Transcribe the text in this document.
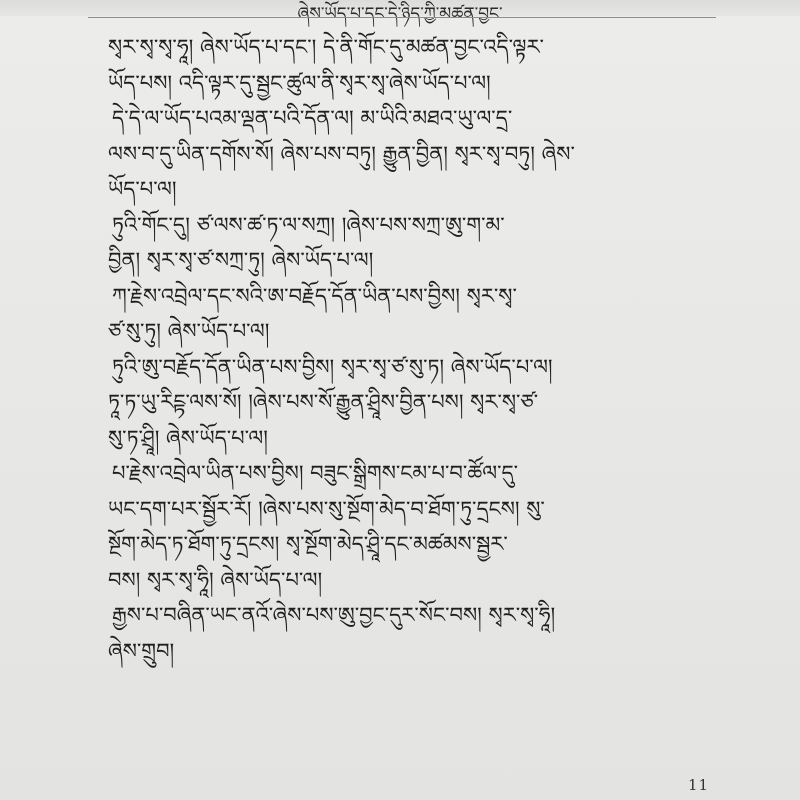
ཞེས་ཡོད་པ་དང་དེ་ཉིད་ཀྱི་མཚན་བྱང་
སྭར་སྭ་སྭ་ཧཱ། ཞེས་ཡོད་པ་དང་། དེ་ནི་གོང་དུ་མཚན་བྱང་འདི་ལྟར་
ཡོད་པས། འདི་ལྟར་དུ་སྦྱང་ཚུལ་ནི་སྭར་སྭ་ཞེས་ཡོད་པ་ལ།
དེ་དེ་ལ་ཡོད་པའམ་ལྡན་པའི་དོན་ལ། མ་ཡིའི་མཐའ་ཡུ་ལ་དྲ་
ལས་བ་དུ་ཡིན་དགོས་སོ། ཞེས་པས་བཏུ། རྒྱུན་བྱིན། སྭར་སྭ་བཏུ། ཞེས་
ཡོད་པ་ལ།
ཏུའི་གོང་དུ། ཙ་ལས་ཚ་ཏ་ལ་སཀྲ། །ཞེས་པས་སཀྲ་ཨུ་ག་མ་
བྱིན། སྭར་སྭ་ཙ་སཀྲ་ཏུ། ཞེས་ཡོད་པ་ལ།
ཀ་རྗེས་འབྲེལ་དང་སའི་ཨ་བརྗོད་དོན་ཡིན་པས་བྱིས། སྭར་སྭ་
ཙ་སུ་ཏུ། ཞེས་ཡོད་པ་ལ།
ཏུའི་ཨུ་བརྗོད་དོན་ཡིན་པས་བྱིས། སྭར་སྭ་ཙ་སུ་ཏ། ཞེས་ཡོད་པ་ལ།
ཏཱ་ཏ་ཡུ་རིངྟ་ལས་སོ། །ཞེས་པས་སོ་རྒྱུན་ཤྲཱིས་བྱིན་པས། སྭར་སྭ་ཙ་
སུ་ཏ་ཤྲཱི། ཞེས་ཡོད་པ་ལ།
པ་རྗེས་འབྲེལ་ཡིན་པས་བྱིས། བཟུང་སྒྲིགས་ངམ་པ་བ་ཚོལ་དུ་
ཡང་དག་པར་སྦྱོར་རོ། །ཞེས་པས་སུ་སྔོག་མེད་བ་ཐོག་ཏུ་དྲངས། སུ་
སྔོག་མེད་ཏ་ཐོག་ཏུ་དྲངས། སྭ་སྔོག་མེད་ཤྲཱི་དང་མཚམས་སྦྱར་
བས། སྭར་སྭ་ཧཱི། ཞེས་ཡོད་པ་ལ།
རྒྱས་པ་བཞིན་ཡང་ནའོ་ཞེས་པས་ཨུ་བྱང་དུར་སོང་བས། སྭར་སྭ་ཧཱི།
ཞེས་གྲུབ།
11
